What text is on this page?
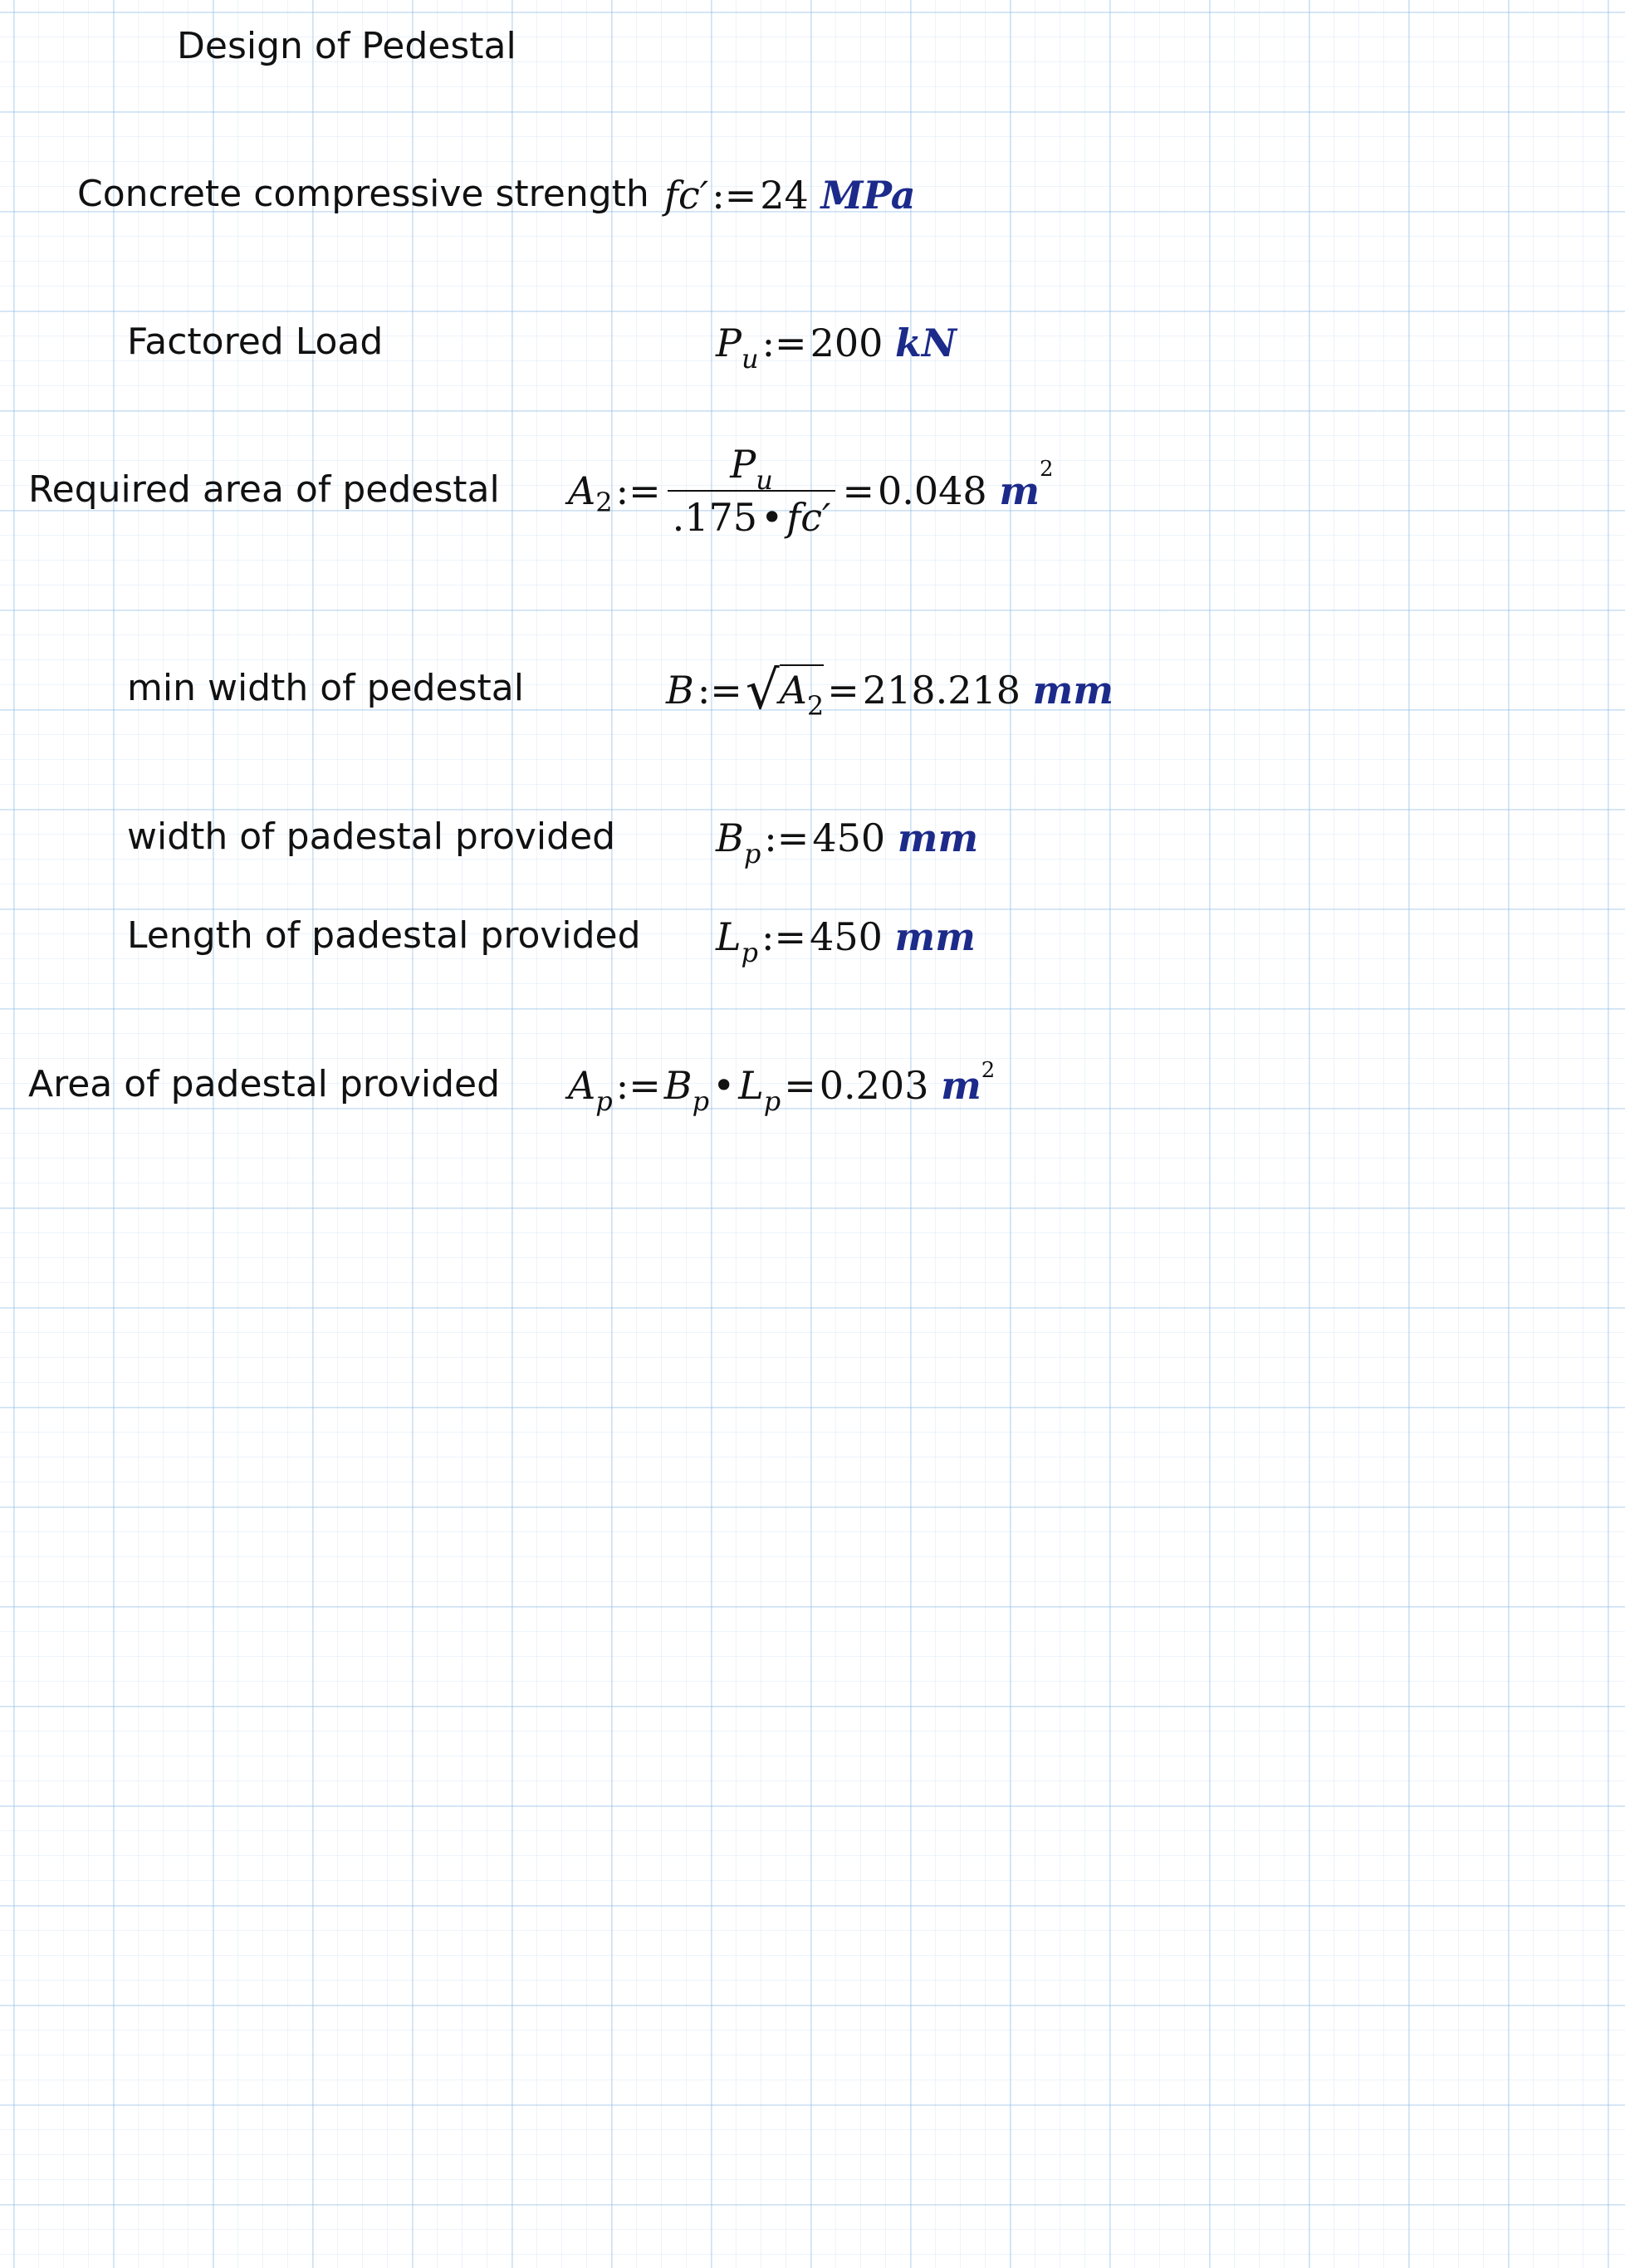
Design of Pedestal
Concrete compressive strength fc′:=24 MPa
Factored Load	$P_u:=200$ kN
Required area of pedestal A 2 := $\frac{P_u}{.175•fc'} = 0.048$
m 2
min width of pedestal	$B:=√A_2=218.218$ mm
width of padestal provided	$B_p:=450$ mm
Length of padestal provided $L_p:=450$ mm
Area of padestal provided $A_p:=B_p•L_p=0.203$ $m^2$
